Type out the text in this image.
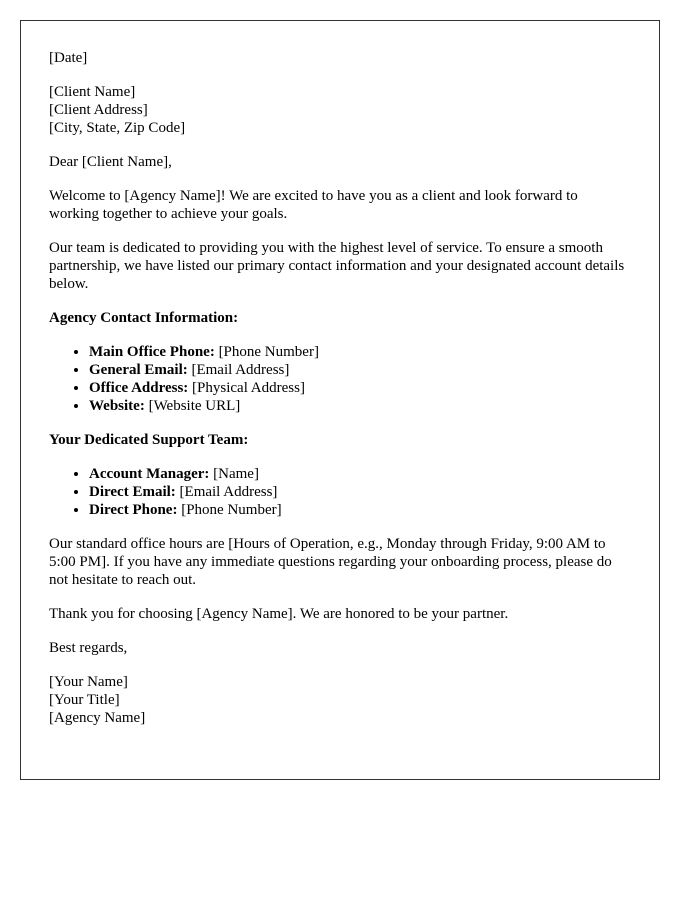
[Date]

[Client Name]
[Client Address]
[City, State, Zip Code]

Dear [Client Name],

Welcome to [Agency Name]! We are excited to have you as a client and look forward to working together to achieve your goals.

Our team is dedicated to providing you with the highest level of service. To ensure a smooth partnership, we have listed our primary contact information and your designated account details below.

Agency Contact Information:
• Main Office Phone: [Phone Number]
• General Email: [Email Address]
• Office Address: [Physical Address]
• Website: [Website URL]
Your Dedicated Support Team:
• Account Manager: [Name]
• Direct Email: [Email Address]
• Direct Phone: [Phone Number]

Our standard office hours are [Hours of Operation, e.g., Monday through Friday, 9:00 AM to 5:00 PM]. If you have any immediate questions regarding your onboarding process, please do not hesitate to reach out.

Thank you for choosing [Agency Name]. We are honored to be your partner.

Best regards,

[Your Name]
[Your Title]
[Agency Name]
